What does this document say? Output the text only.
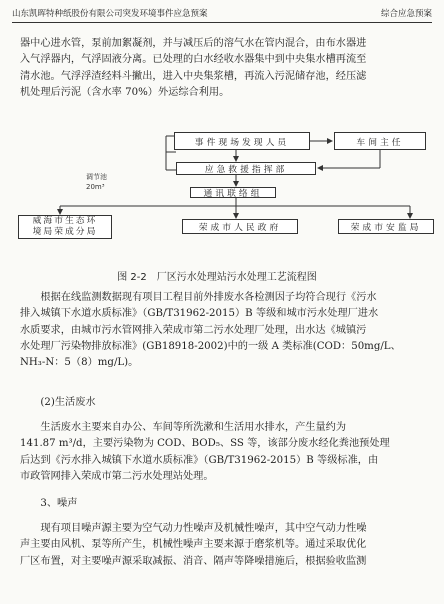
山东凯晖特种纸股份有限公司突发环境事件应急预案	综合应急预案
器中心进水管，泵前加絮凝剂，并与减压后的溶气水在管内混合，由布水器进
入气浮器内，气浮固液分离。已处理的白水经收水器集中到中央集水槽再流至
清水池。气浮浮渣经料斗撇出，进入中央集浆槽，再流入污泥储存池，经压滤
机处理后污泥（含水率 70%）外运综合利用。
事件现场发现人员	车间主任
应急救援指挥部
通讯联络组
威海市生态环
境局荣成分局	荣成市人民政府	荣成市安监局
调节池
20m³
图 2-2 厂区污水处理站污水处理工艺流程图
根据在线监测数据现有项目工程目前外排废水各检测因子均符合现行《污水
排入城镇下水道水质标准》（GB/T31962-2015）B 等级和城市污水处理厂进水
水质要求，由城市污水管网排入荣成市第二污水处理厂处理，出水达《城镇污
水处理厂污染物排放标准》(GB18918-2002)中的一级 A 类标准(COD：50mg/L、
NH₃-N：5（8）mg/L)。
(2)生活废水
生活废水主要来自办公、车间等所洗漱和生活用水排水，产生量约为
141.87 m³/d，主要污染物为 COD、BOD₅、SS 等，该部分废水经化粪池预处理
后达到《污水排入城镇下水道水质标准》（GB/T31962-2015）B 等级标准，由
市政管网排入荣成市第二污水处理站处理。
3、噪声
现有项目噪声源主要为空气动力性噪声及机械性噪声，其中空气动力性噪
声主要由风机、泵等所产生，机械性噪声主要来源于磨浆机等。通过采取优化
厂区布置，对主要噪声源采取减振、消音、隔声等降噪措施后，根据验收监测
